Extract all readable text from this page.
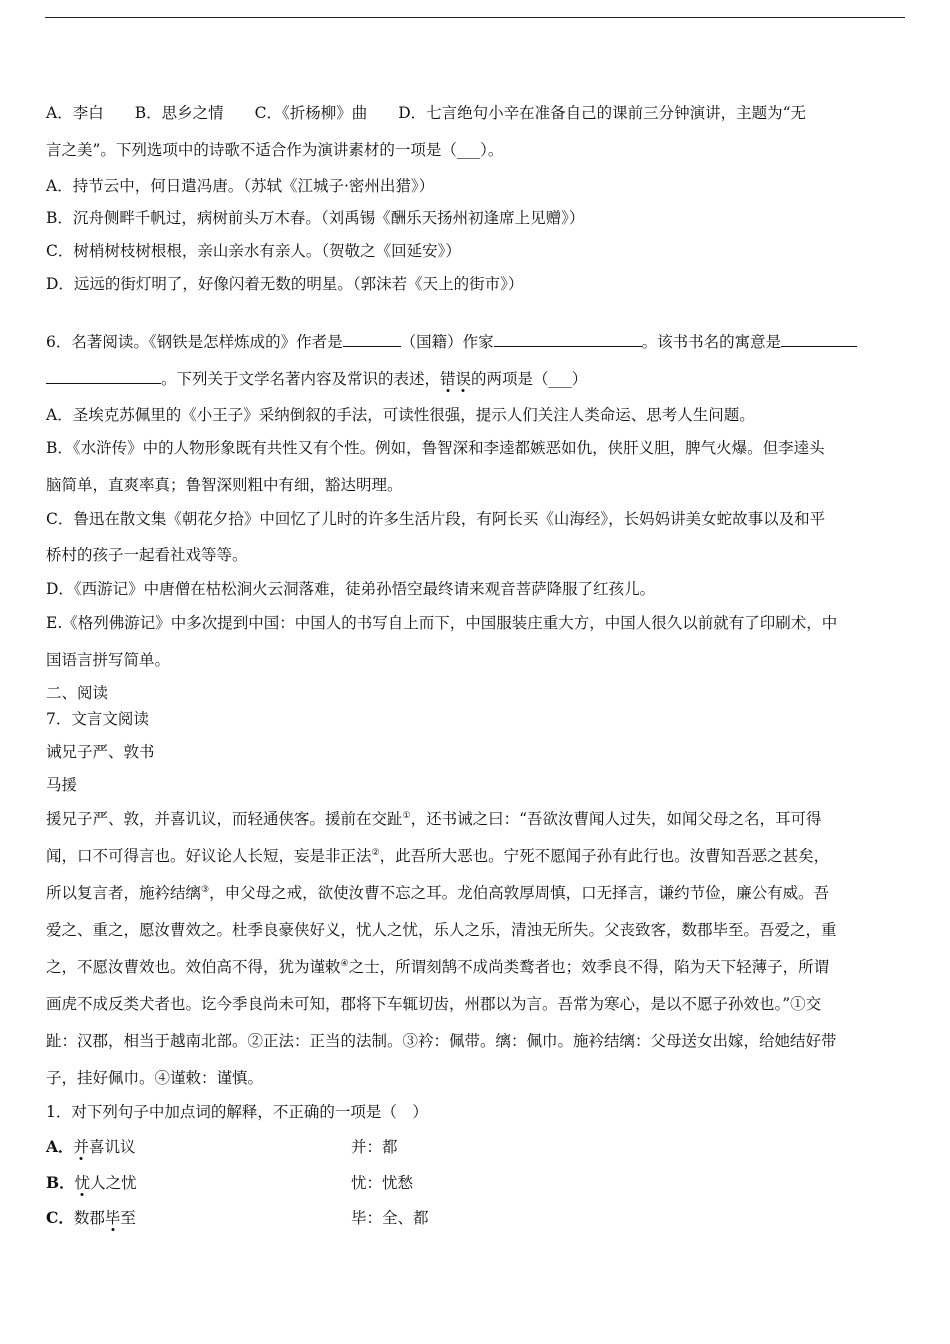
A．李白　　B．思乡之情　　C．《折杨柳》曲　　D．七言绝句小辛在准备自己的课前三分钟演讲，主题为“无
言之美”。下列选项中的诗歌不适合作为演讲素材的一项是（___）。
A．持节云中，何日遣冯唐。（苏轼《江城子·密州出猎》）
B．沉舟侧畔千帆过，病树前头万木春。（刘禹锡《酬乐天扬州初逢席上见赠》）
C．树梢树枝树根根，亲山亲水有亲人。（贺敬之《回延安》）
D．远远的街灯明了，好像闪着无数的明星。（郭沫若《天上的街市》）
6．名著阅读。《钢铁是怎样炼成的》作者是	（国籍）作家	。该书书名的寓意是
。下列关于文学名著内容及常识的表述，错误的两项是（___）
A．圣埃克苏佩里的《小王子》采纳倒叙的手法，可读性很强，提示人们关注人类命运、思考人生问题。
B．《水浒传》中的人物形象既有共性又有个性。例如，鲁智深和李逵都嫉恶如仇，侠肝义胆，脾气火爆。但李逵头
脑简单，直爽率真；鲁智深则粗中有细，豁达明理。
C．鲁迅在散文集《朝花夕拾》中回忆了儿时的许多生活片段，有阿长买《山海经》，长妈妈讲美女蛇故事以及和平
桥村的孩子一起看社戏等等。
D．《西游记》中唐僧在枯松涧火云洞落难，徒弟孙悟空最终请来观音菩萨降服了红孩儿。
E.《格列佛游记》中多次提到中国：中国人的书写自上而下，中国服装庄重大方，中国人很久以前就有了印刷术，中
国语言拼写简单。
二、阅读
7．文言文阅读
诫兄子严、敦书
马援
援兄子严、敦，并喜讥议，而轻通侠客。援前在交趾①，还书诫之曰：“吾欲汝曹闻人过失，如闻父母之名，耳可得
闻，口不可得言也。好议论人长短，妄是非正法②，此吾所大恶也。宁死不愿闻子孙有此行也。汝曹知吾恶之甚矣，
所以复言者，施衿结缡③，申父母之戒，欲使汝曹不忘之耳。龙伯高敦厚周慎，口无择言，谦约节俭，廉公有威。吾
爱之、重之，愿汝曹效之。杜季良豪侠好义，忧人之忧，乐人之乐，清浊无所失。父丧致客，数郡毕至。吾爱之，重
之，不愿汝曹效也。效伯高不得，犹为谨敕④之士，所谓刻鹄不成尚类鹜者也；效季良不得，陷为天下轻薄子，所谓
画虎不成反类犬者也。讫今季良尚未可知，郡将下车辄切齿，州郡以为言。吾常为寒心，是以不愿子孙效也。”①交
趾：汉郡，相当于越南北部。②正法：正当的法制。③衿：佩带。缡：佩巾。施衿结缡：父母送女出嫁，给她结好带
子，挂好佩巾。④谨敕：谨慎。
1．对下列句子中加点词的解释，不正确的一项是（　）
A．并喜讥议	并：都
B．忧人之忧	忧：忧愁
C．数郡毕至	毕：全、都
